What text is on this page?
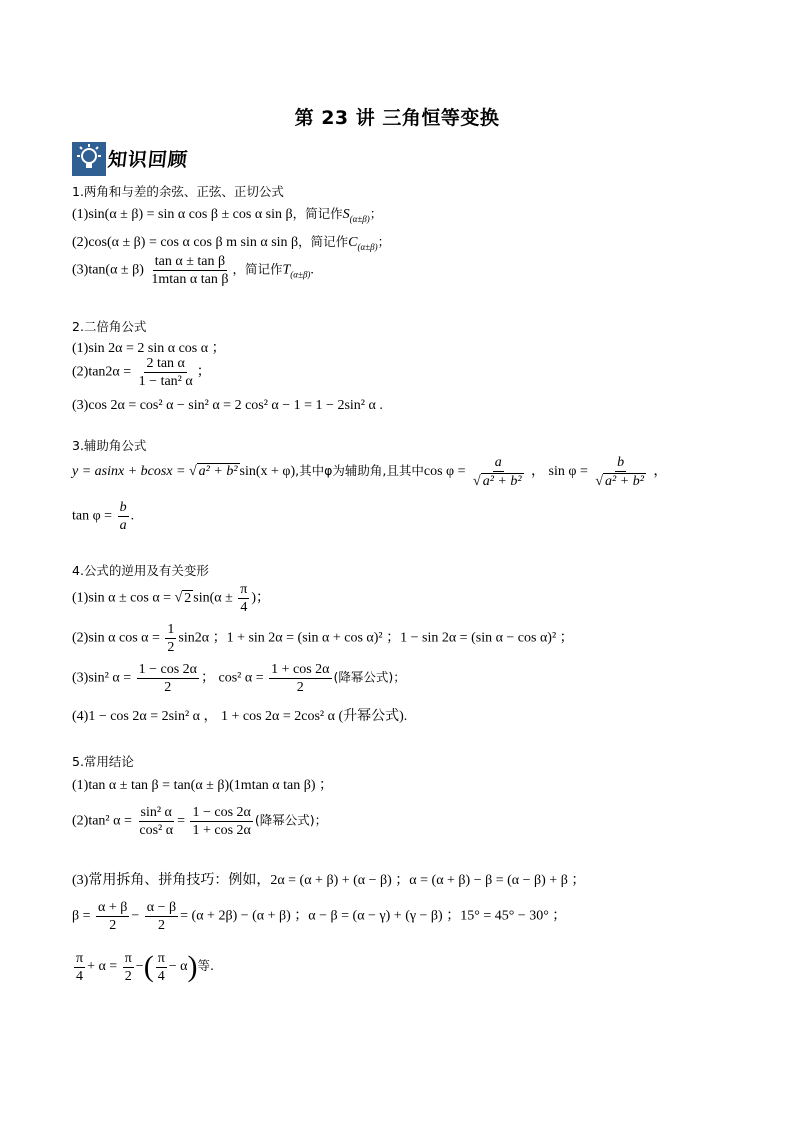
第 23 讲 三角恒等变换
知识回顾
1.两角和与差的余弦、正弦、正切公式
(1)sin(α ± β) = sin α cos β ± cos α sin β，简记作$S_{(\alpha\pm\beta)}$；
(2)cos(α ± β) = cos α cos β m sin α sin β，简记作$C_{(\alpha\pm\beta)}$；
$(3)\tan(\alpha \pm \beta) \frac{\text{tan α ± tan β}}{\text{1mtan α tan β}}$ ，简记作$T_{(\alpha\pm\beta)}$.
2.二倍角公式
(1)sin 2α = 2 sin α cos α ；
$(2)\tan 2\alpha = \frac{\text{2 tan α}}{\text{1 − tan² α}}$ ；
(3)cos 2α = cos² α − sin² α = 2 cos² α − 1 = 1 − 2sin² α .
3.辅助角公式
y = asinx + bcosx = √ a² + b² sin(x + φ),其中φ为辅助角,且其中$\cos \varphi = \frac{a}{\text{√ a² + b²}}$ ， $\sin \varphi = \frac{b}{\text{√ a² + b²}}$ ，
$\tan \varphi = \frac{b}{a}$ .
4.公式的逆用及有关变形
(1)sin α ± cos α = √ 2 $\sin(\alpha \pm \frac{\pi}{4}$ )；
(2)sin α $\cos \alpha = \frac{1}{2} \sin 2\alpha$ ；1 + sin 2α = (sin α + cos α)² ；1 − sin 2α = (sin α − cos α)² ；
(3)sin² $\alpha = \frac{1 - \cos 2\alpha}{2}$ ； cos² $\alpha = \frac{1 + \cos 2\alpha}{2}$ (降幂公式)；
(4)1 − cos 2α = 2sin² α ， 1 + cos 2α = 2cos² α (升幂公式).
5.常用结论
(1)tan α ± tan β = tan(α ± β)(1mtan α tan β) ；
(2)tan² $\alpha = \frac{\text{sin² α}}{\text{cos² α}} = \frac{1 - \cos 2\alpha}{1 + \cos 2\alpha}$ (降幂公式)；
(3)常用拆角、拼角技巧：例如，2α = (α + β) + (α − β) ；α = (α + β) − β = (α − β) + β ；
$\beta = \frac{\alpha + \beta}{2} - \frac{\alpha - \beta}{2} = (\alpha + 2\beta) - (\alpha + \beta)$ ；α − β = (α − γ) + (γ − β) ；15° = 45° − 30° ；
$\frac{\pi}{4} + \alpha = \frac{\pi}{2}$ −( $\frac{\pi}{4} - \alpha$)等.
